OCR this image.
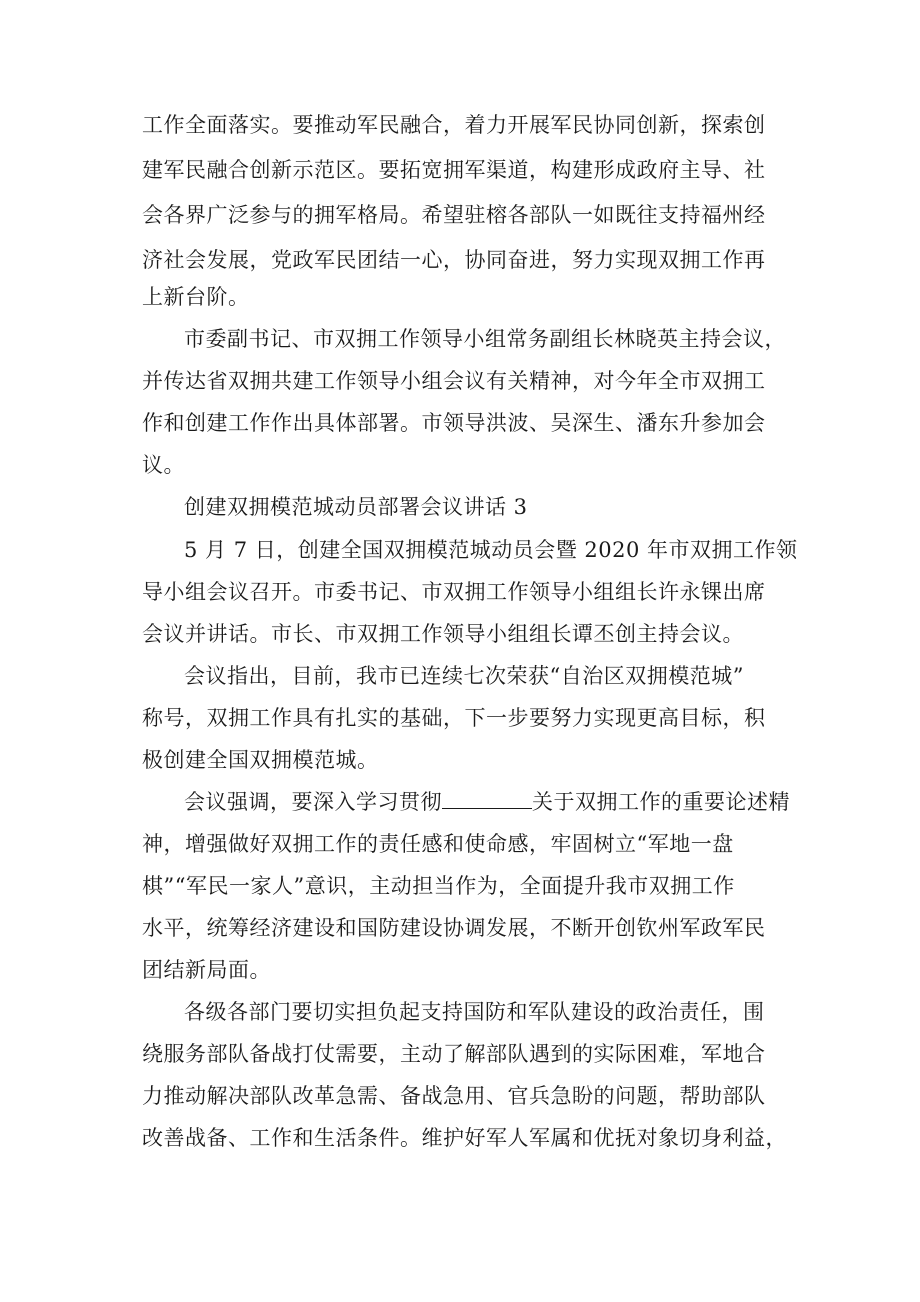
工作全面落实。要推动军民融合，着力开展军民协同创新，探索创
建军民融合创新示范区。要拓宽拥军渠道，构建形成政府主导、社
会各界广泛参与的拥军格局。希望驻榕各部队一如既往支持福州经
济社会发展，党政军民团结一心，协同奋进，努力实现双拥工作再
上新台阶。
市委副书记、市双拥工作领导小组常务副组长林晓英主持会议，
并传达省双拥共建工作领导小组会议有关精神，对今年全市双拥工
作和创建工作作出具体部署。市领导洪波、吴深生、潘东升参加会
议。
创建双拥模范城动员部署会议讲话 3
5 月 7 日，创建全国双拥模范城动员会暨 2020 年市双拥工作领
导小组会议召开。市委书记、市双拥工作领导小组组长许永锞出席
会议并讲话。市长、市双拥工作领导小组组长谭丕创主持会议。
会议指出，目前，我市已连续七次荣获“自治区双拥模范城”
称号，双拥工作具有扎实的基础，下一步要努力实现更高目标，积
极创建全国双拥模范城。
会议强调，要深入学习贯彻	关于双拥工作的重要论述精
神，增强做好双拥工作的责任感和使命感，牢固树立“军地一盘
棋”“军民一家人”意识，主动担当作为，全面提升我市双拥工作
水平，统筹经济建设和国防建设协调发展，不断开创钦州军政军民
团结新局面。
各级各部门要切实担负起支持国防和军队建设的政治责任，围
绕服务部队备战打仗需要，主动了解部队遇到的实际困难，军地合
力推动解决部队改革急需、备战急用、官兵急盼的问题，帮助部队
改善战备、工作和生活条件。维护好军人军属和优抚对象切身利益，
